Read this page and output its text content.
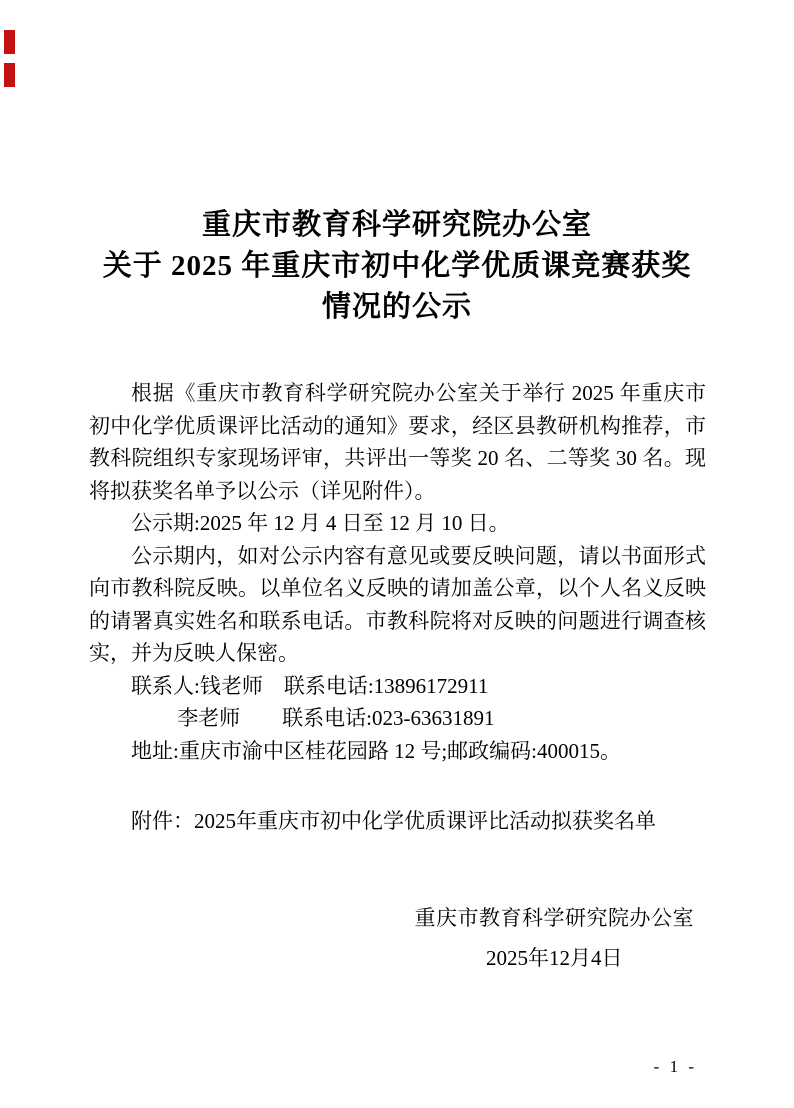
重庆市教育科学研究院办公室
关于 2025 年重庆市初中化学优质课竞赛获奖
情况的公示

根据《重庆市教育科学研究院办公室关于举行 2025 年重庆市初中化学优质课评比活动的通知》要求，经区县教研机构推荐，市教科院组织专家现场评审，共评出一等奖 20 名、二等奖 30 名。现将拟获奖名单予以公示（详见附件）。

公示期:2025 年 12 月 4 日至 12 月 10 日。

公示期内，如对公示内容有意见或要反映问题，请以书面形式向市教科院反映。以单位名义反映的请加盖公章，以个人名义反映的请署真实姓名和联系电话。市教科院将对反映的问题进行调查核实，并为反映人保密。

联系人:钱老师　联系电话:13896172911

李老师　　联系电话:023-63631891

地址:重庆市渝中区桂花园路 12 号;邮政编码:400015。

附件：2025年重庆市初中化学优质课评比活动拟获奖名单

重庆市教育科学研究院办公室
2025年12月4日
- 1 -
